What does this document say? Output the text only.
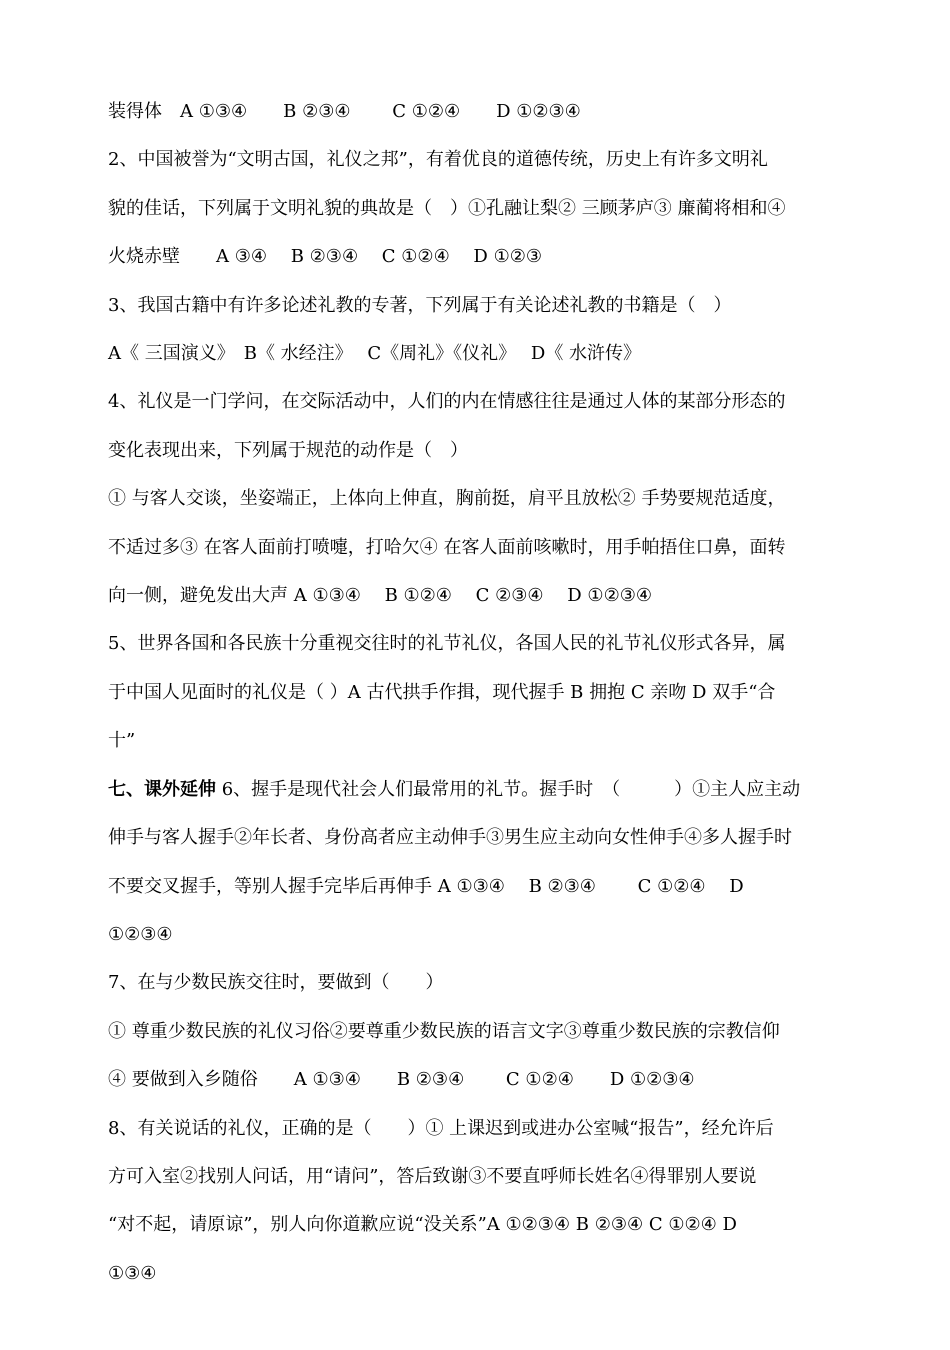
装得体　A ①③④　　B ②③④　　 C ①②④　　D ①②③④
2、中国被誉为“文明古国，礼仪之邦”，有着优良的道德传统，历史上有许多文明礼
貌的佳话，下列属于文明礼貌的典故是（　）①孔融让梨② 三顾茅庐③ 廉蔺将相和④
火烧赤壁　　A ③④　 B ②③④　 C ①②④　 D ①②③
3、我国古籍中有许多论述礼教的专著，下列属于有关论述礼教的书籍是（　）
A《 三国演义》　B《 水经注》　 C《周礼》《仪礼》　 D《 水浒传》
4、礼仪是一门学问，在交际活动中，人们的内在情感往往是通过人体的某部分形态的
变化表现出来，下列属于规范的动作是（　）
① 与客人交谈，坐姿端正，上体向上伸直，胸前挺，肩平且放松② 手势要规范适度，
不适过多③ 在客人面前打喷嚏，打哈欠④ 在客人面前咳嗽时，用手帕捂住口鼻，面转
向一侧，避免发出大声 A ①③④　 B ①②④　 C ②③④　 D ①②③④
5、世界各国和各民族十分重视交往时的礼节礼仪，各国人民的礼节礼仪形式各异，属
于中国人见面时的礼仪是（ ）A 古代拱手作揖，现代握手 B 拥抱 C 亲吻 D 双手“合
十”
七、课外延伸 6、握手是现代社会人们最常用的礼节。握手时　（　　　）①主人应主动
伸手与客人握手②年长者、身份高者应主动伸手③男生应主动向女性伸手④多人握手时
不要交叉握手，等别人握手完毕后再伸手 A ①③④　 B ②③④　　 C ①②④　 D
①②③④
7、在与少数民族交往时，要做到（　　）
① 尊重少数民族的礼仪习俗②要尊重少数民族的语言文字③尊重少数民族的宗教信仰
④ 要做到入乡随俗　　A ①③④　　B ②③④　　 C ①②④　　D ①②③④
8、有关说话的礼仪，正确的是（　　）① 上课迟到或进办公室喊“报告”，经允许后
方可入室②找别人问话，用“请问”，答后致谢③不要直呼师长姓名④得罪别人要说
“对不起，请原谅”，别人向你道歉应说“没关系”A ①②③④ B ②③④ C ①②④ D
①③④
